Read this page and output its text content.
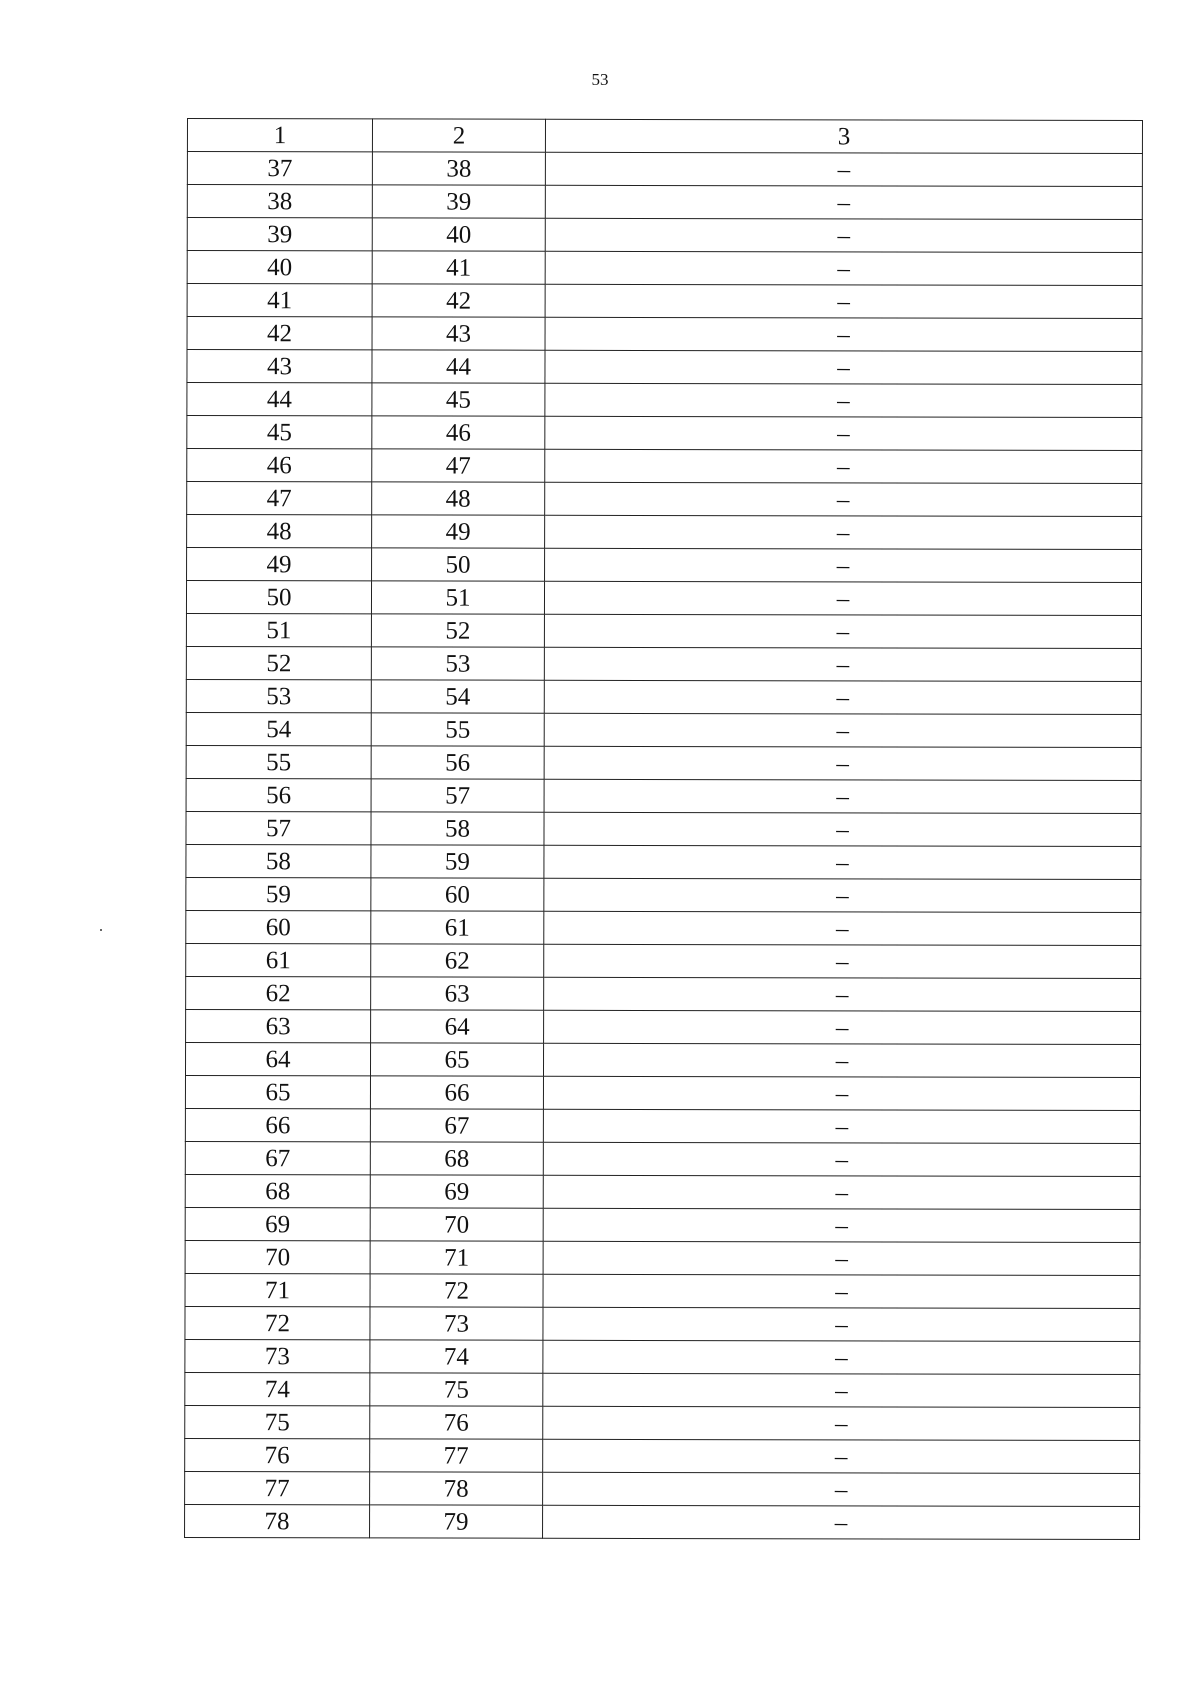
53
1	2	3
37	38	–
38	39	–
39	40	–
40	41	–
41	42	–
42	43	–
43	44	–
44	45	–
45	46	–
46	47	–
47	48	–
48	49	–
49	50	–
50	51	–
51	52	–
52	53	–
53	54	–
54	55	–
55	56	–
56	57	–
57	58	–
58	59	–
59	60	–
60	61	–
61	62	–
62	63	–
63	64	–
64	65	–
65	66	–
66	67	–
67	68	–
68	69	–
69	70	–
70	71	–
71	72	–
72	73	–
73	74	–
74	75	–
75	76	–
76	77	–
77	78	–
78	79	–
